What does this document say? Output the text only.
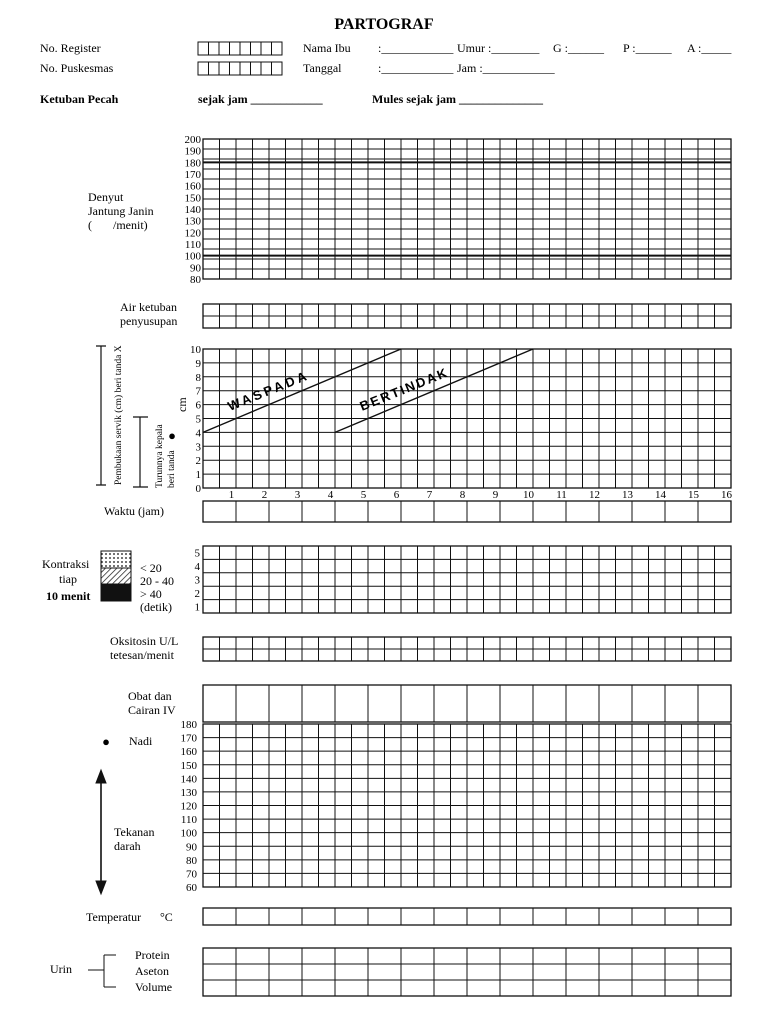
PARTOGRAF
No. Register	Nama Ibu :____________ Umur :________ G :______ P :______ A :_____
No. Puskesmas	Tanggal	:____________ Jam :____________
Ketuban Pecah	sejak jam ____________	Mules sejak jam ______________
Denyut
Jantung Janin
(       /menit)
200
190
180
170
160
150
140
130
120
110
100
90
80
Air ketuban
penyusupan
Pembukaan servik (cm) beri tanda X	Turunnya kepala beri tanda
●
cm
10
9
8
7
6
5
4
3
2
1
0
WASPADA	BERTINDAK
1	2	3	4	5	6	7	8	9 10 11 12 13 14 15 16
Waktu (jam)
Kontraksi
tiap
10 menit
< 20
20 - 40
> 40
(detik)
5
4
3
2
1
Oksitosin U/L
tetesan/menit
Obat dan
Cairan IV
● Nadi
Tekanan
darah
180
170
160
150
140
130
120
110
100
90
80
70
60
Temperatur °C
Urin
Protein
Aseton
Volume
